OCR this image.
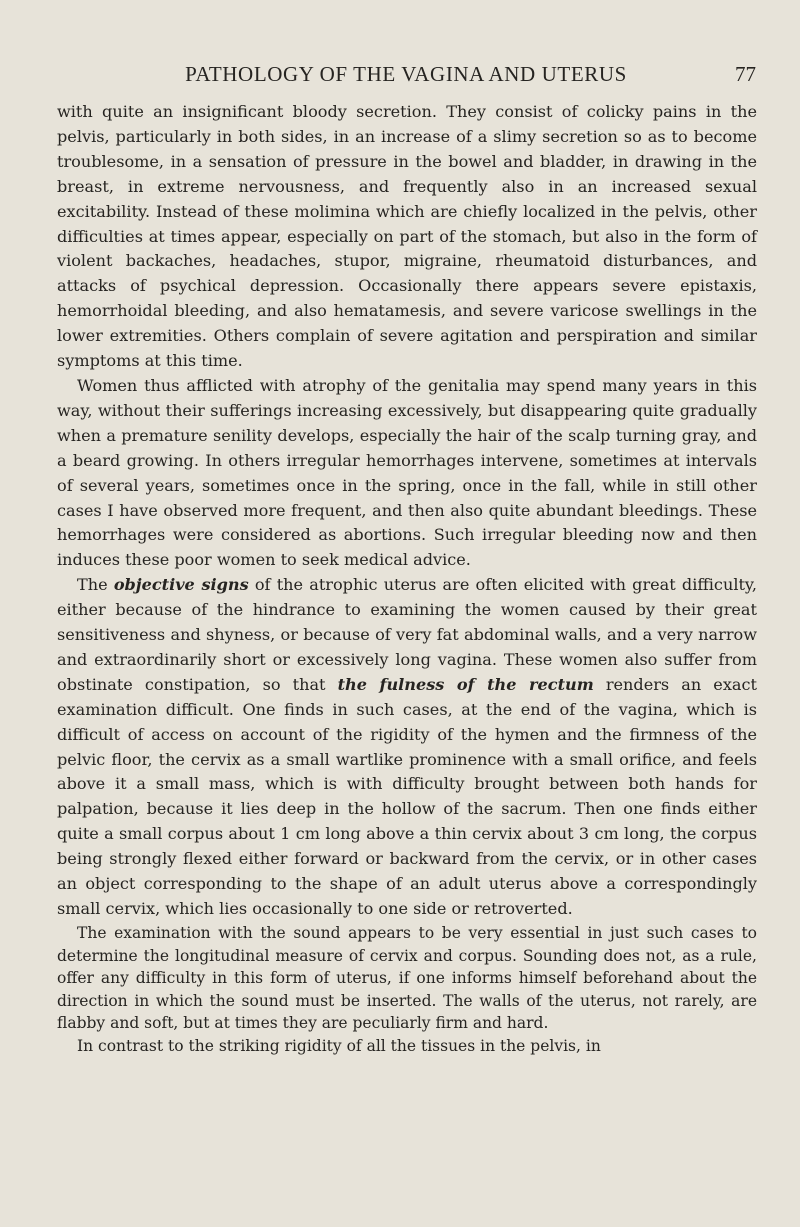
PATHOLOGY OF THE VAGINA AND UTERUS	77

with quite an insignificant bloody secretion. They consist of colicky pains in the pelvis, particularly in both sides, in an increase of a slimy secretion so as to become troublesome, in a sensation of pressure in the bowel and bladder, in drawing in the breast, in extreme nervousness, and frequently also in an increased sexual excitability. Instead of these molimina which are chiefly localized in the pelvis, other difficulties at times appear, especially on part of the stomach, but also in the form of violent backaches, headaches, stupor, migraine, rheumatoid disturbances, and attacks of psychical depression. Occasionally there appears severe epistaxis, hemorrhoidal bleeding, and also hematamesis, and severe varicose swellings in the lower extremities. Others complain of severe agitation and perspiration and similar symptoms at this time.

Women thus afflicted with atrophy of the genitalia may spend many years in this way, without their sufferings increasing excessively, but disappearing quite gradually when a premature senility develops, especially the hair of the scalp turning gray, and a beard growing. In others irregular hemorrhages intervene, sometimes at intervals of several years, sometimes once in the spring, once in the fall, while in still other cases I have observed more frequent, and then also quite abundant bleedings. These hemorrhages were considered as abortions. Such irregular bleeding now and then induces these poor women to seek medical advice.

The objective signs of the atrophic uterus are often elicited with great difficulty, either because of the hindrance to examining the women caused by their great sensitiveness and shyness, or because of very fat abdominal walls, and a very narrow and extraordinarily short or excessively long vagina. These women also suffer from obstinate constipation, so that the fulness of the rectum renders an exact examination difficult. One finds in such cases, at the end of the vagina, which is difficult of access on account of the rigidity of the hymen and the firmness of the pelvic floor, the cervix as a small wartlike prominence with a small orifice, and feels above it a small mass, which is with difficulty brought between both hands for palpation, because it lies deep in the hollow of the sacrum. Then one finds either quite a small corpus about 1 cm long above a thin cervix about 3 cm long, the corpus being strongly flexed either forward or backward from the cervix, or in other cases an object corresponding to the shape of an adult uterus above a correspondingly small cervix, which lies occasionally to one side or retroverted.

The examination with the sound appears to be very essential in just such cases to determine the longitudinal measure of cervix and corpus. Sounding does not, as a rule, offer any difficulty in this form of uterus, if one informs himself beforehand about the direction in which the sound must be inserted. The walls of the uterus, not rarely, are flabby and soft, but at times they are peculiarly firm and hard.

In contrast to the striking rigidity of all the tissues in the pelvis, in
